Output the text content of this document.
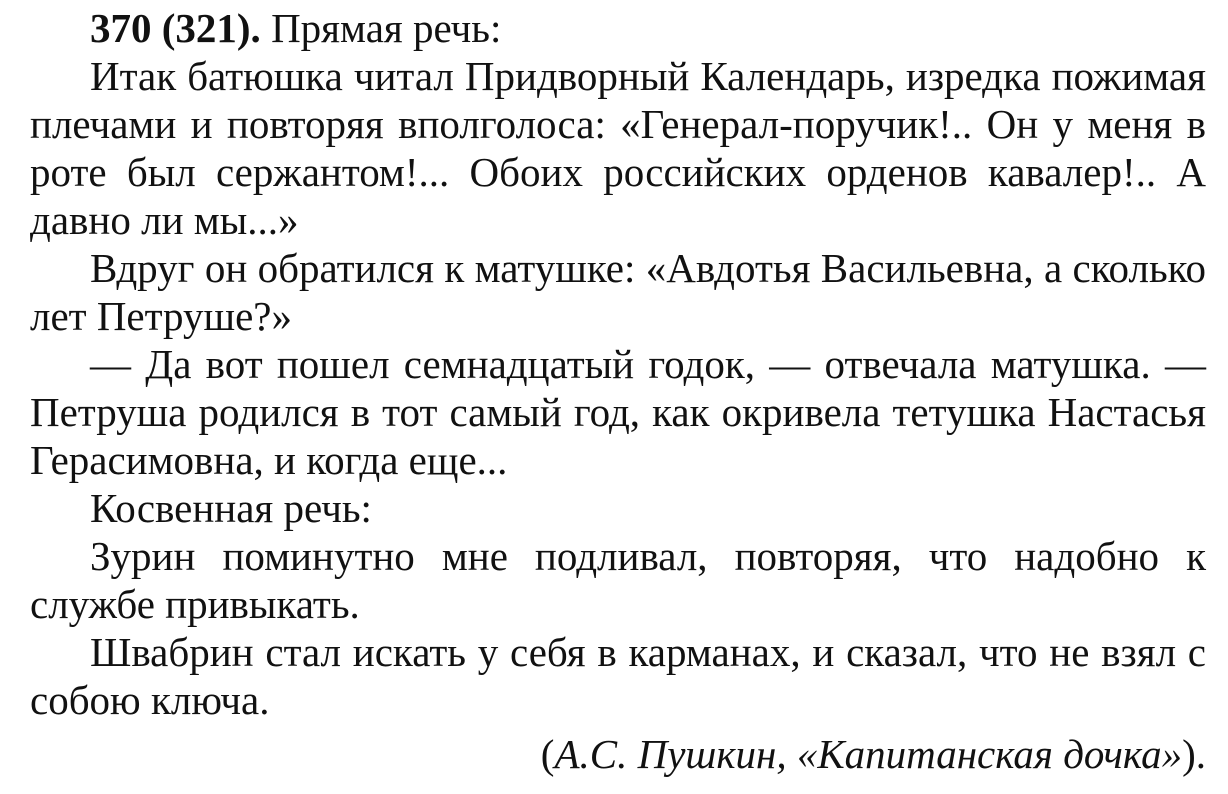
370 (321). Прямая речь:

Итак батюшка читал Придворный Календарь, изредка пожимая плечами и повторяя вполголоса: «Генерал-поручик!.. Он у меня в роте был сержантом!... Обоих российских орденов кавалер!.. А давно ли мы...»

Вдруг он обратился к матушке: «Авдотья Васильевна, а сколько лет Петруше?»

— Да вот пошел семнадцатый годок, — отвечала матушка. — Петруша родился в тот самый год, как окривела тетушка Настасья Герасимовна, и когда еще...

Косвенная речь:

Зурин поминутно мне подливал, повторяя, что надобно к службе привыкать.

Швабрин стал искать у себя в карманах, и сказал, что не взял с собою ключа.

(А.С. Пушкин, «Капитанская дочка»).
